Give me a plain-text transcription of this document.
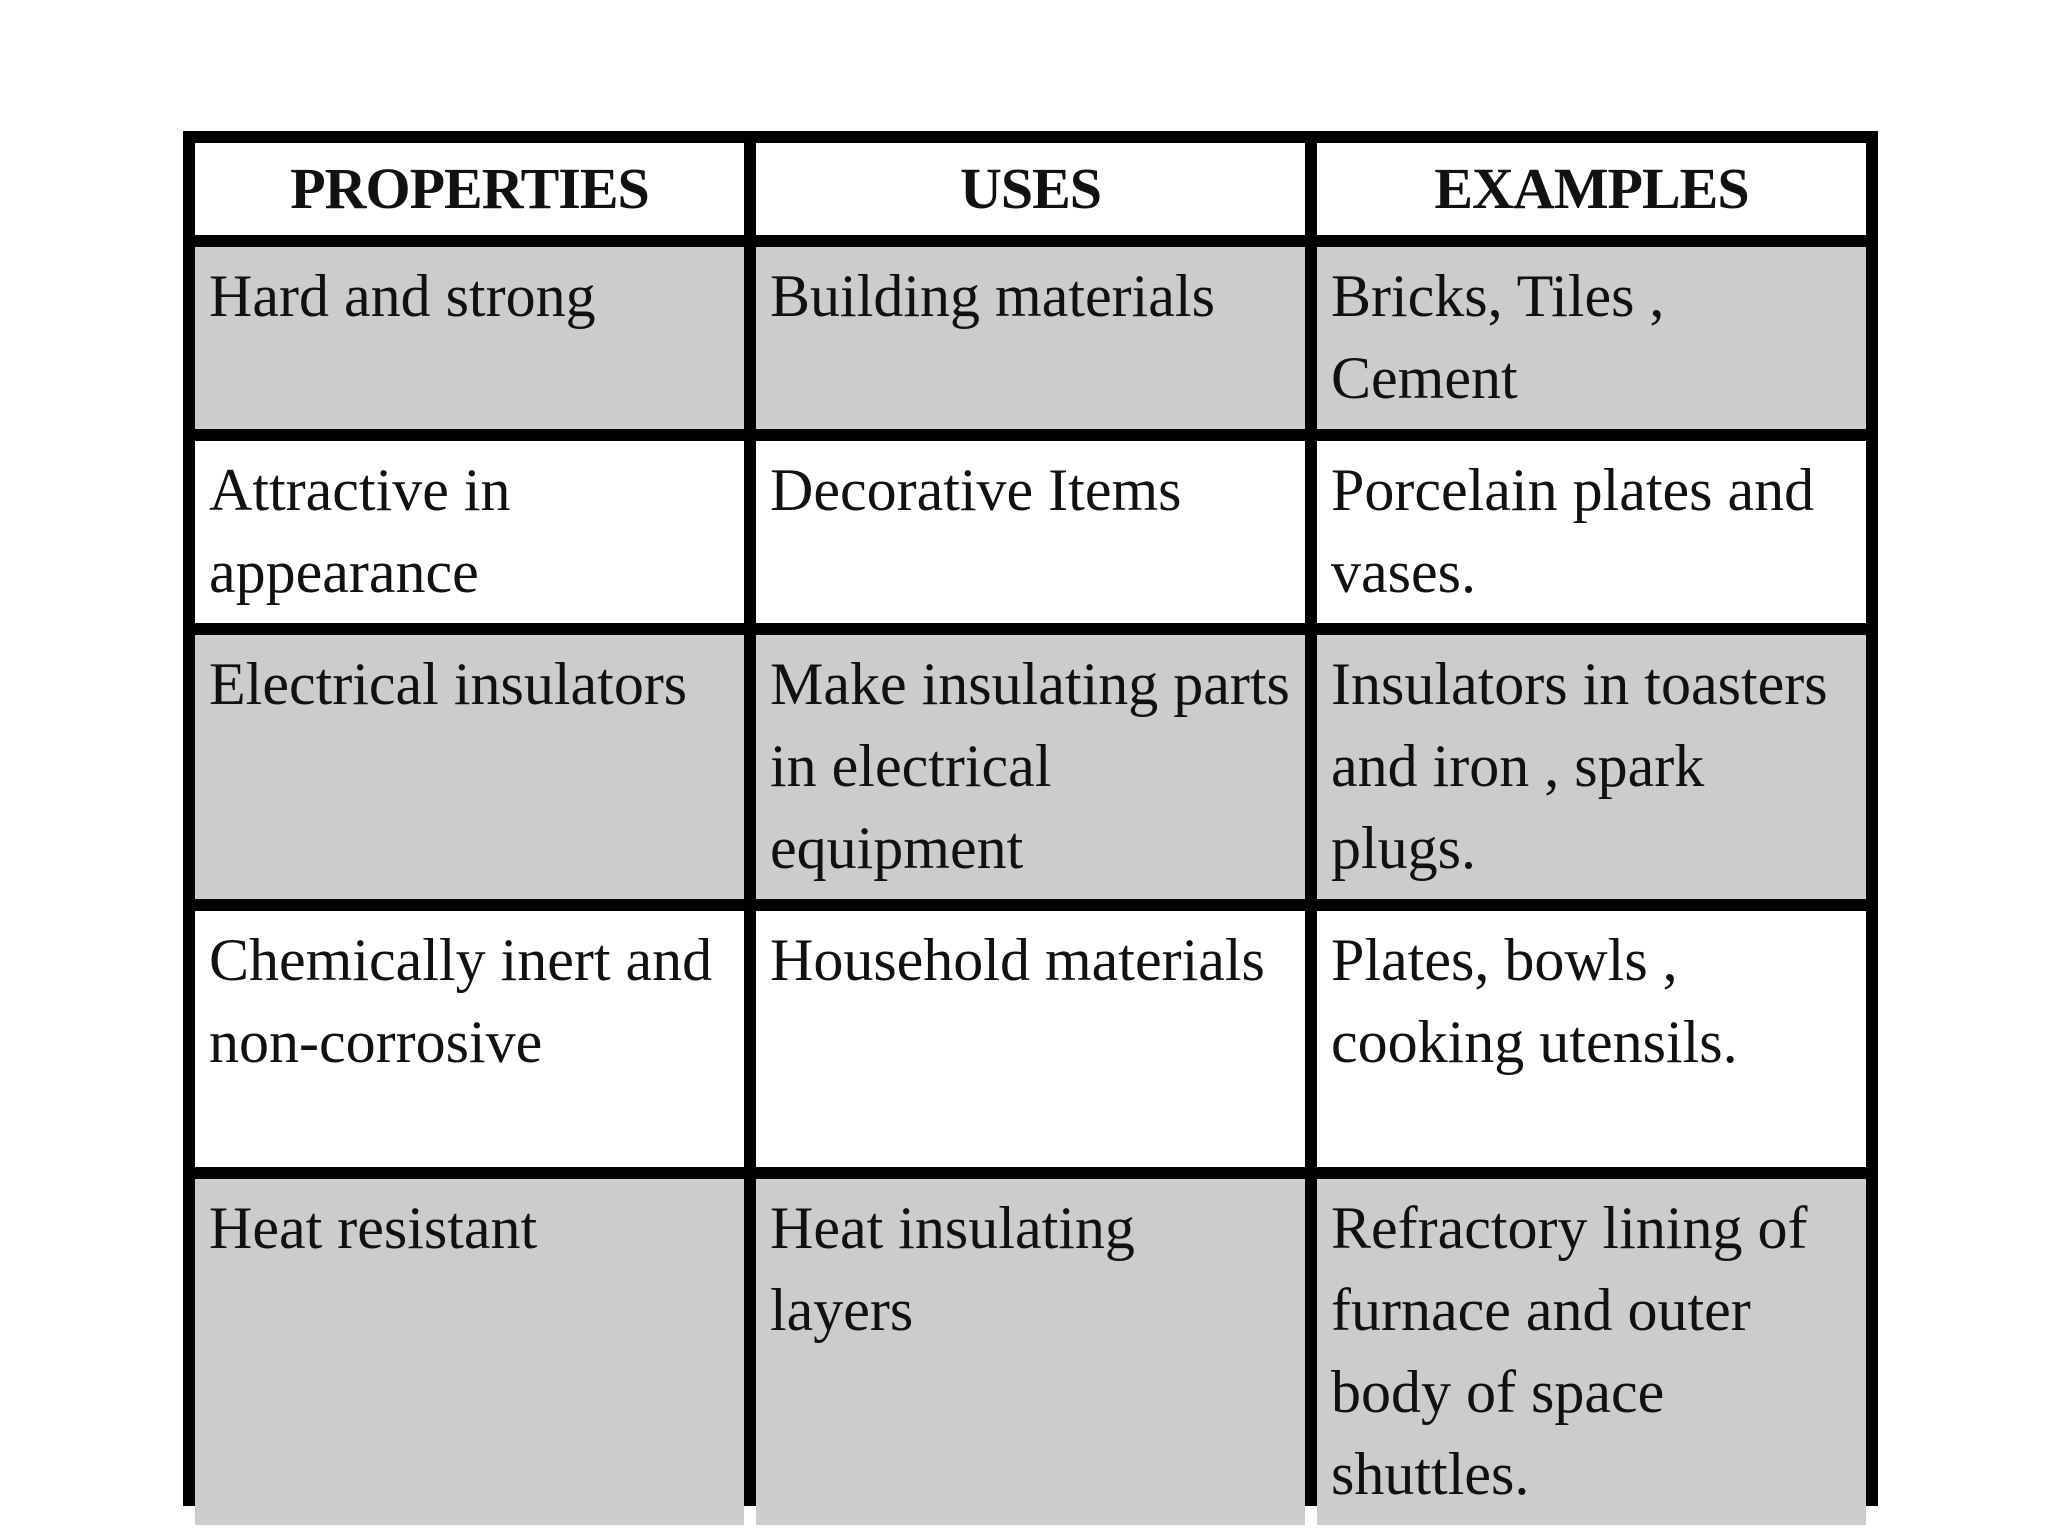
PROPERTIES	USES	EXAMPLES
Hard and strong	Building materials	Bricks, Tiles , Cement
Attractive in appearance	Decorative Items	Porcelain plates and vases.
Electrical insulators	Make insulating parts in electrical equipment	Insulators in toasters and iron , spark plugs.
Chemically inert and non-corrosive	Household materials	Plates, bowls , cooking utensils.
Heat resistant	Heat insulating layers	Refractory lining of furnace and outer body of space shuttles.
